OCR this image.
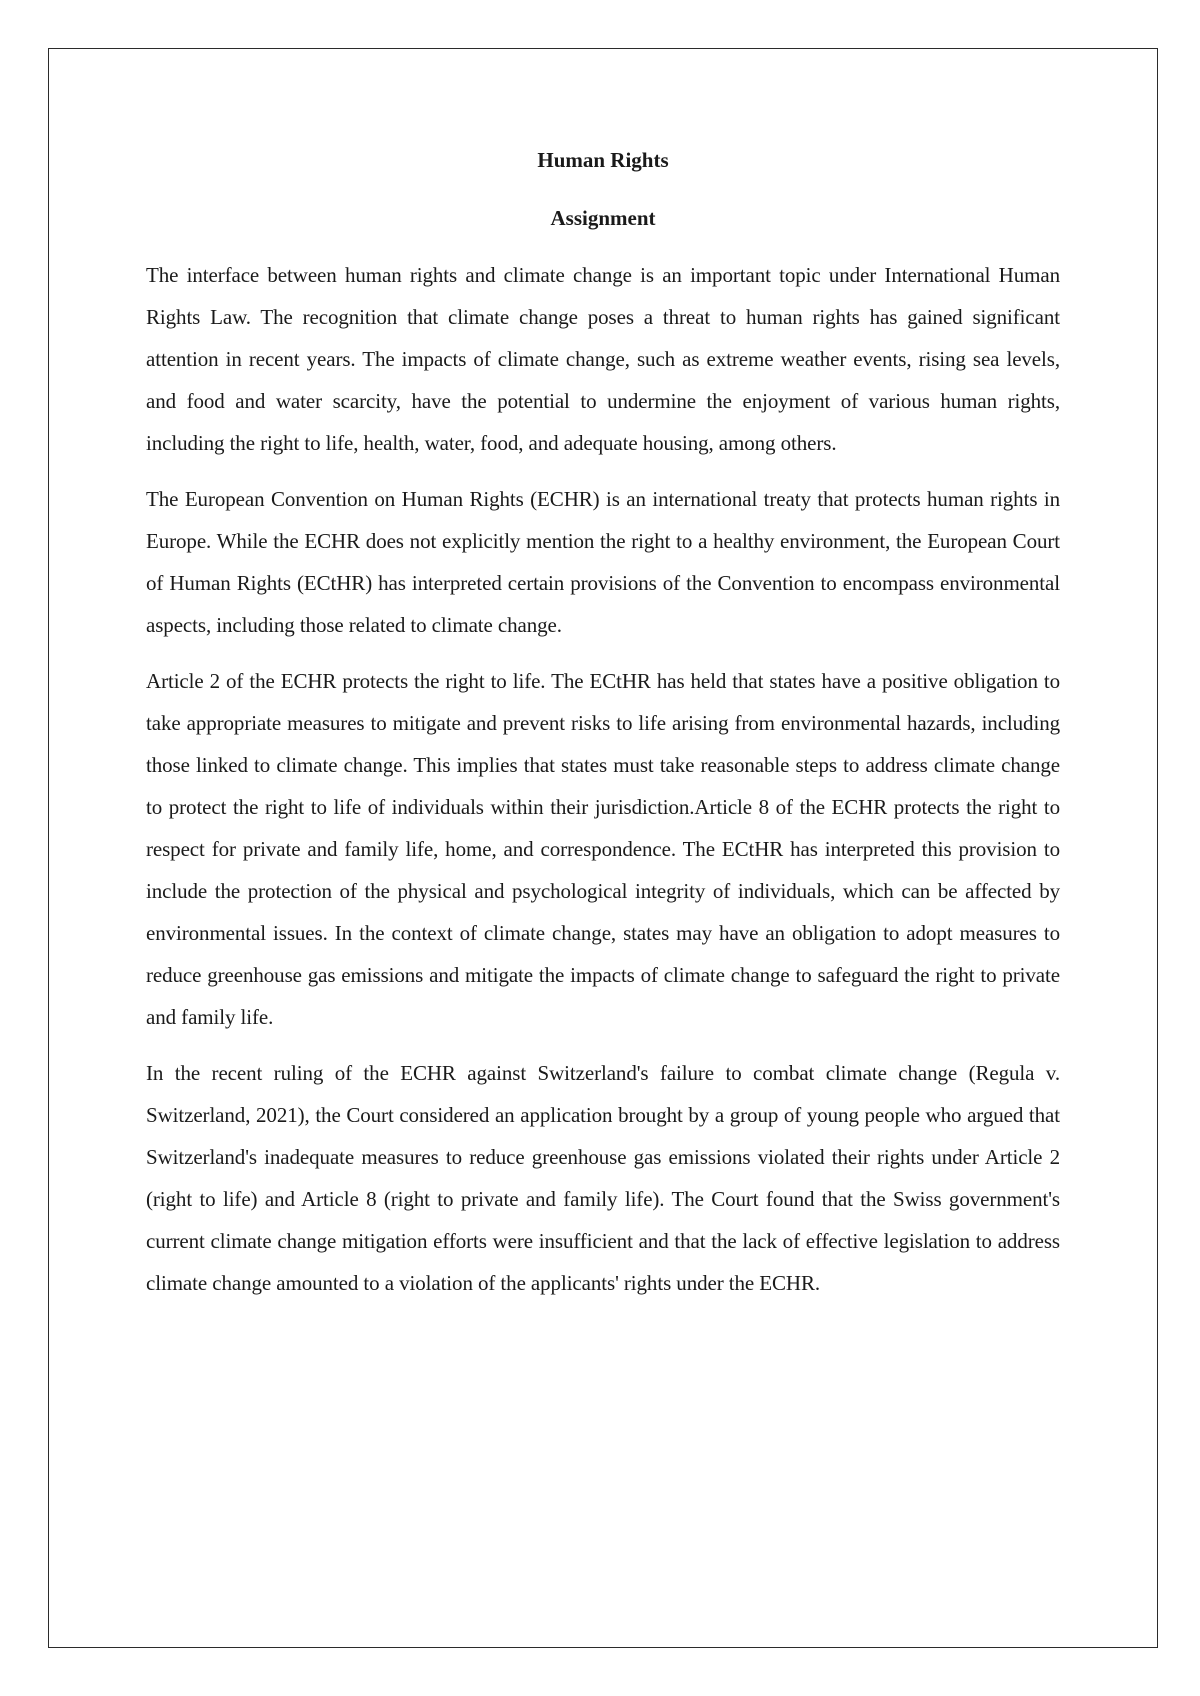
Human Rights
Assignment

The interface between human rights and climate change is an important topic under International Human Rights Law. The recognition that climate change poses a threat to human rights has gained significant attention in recent years. The impacts of climate change, such as extreme weather events, rising sea levels, and food and water scarcity, have the potential to undermine the enjoyment of various human rights, including the right to life, health, water, food, and adequate housing, among others.

The European Convention on Human Rights (ECHR) is an international treaty that protects human rights in Europe. While the ECHR does not explicitly mention the right to a healthy environment, the European Court of Human Rights (ECtHR) has interpreted certain provisions of the Convention to encompass environmental aspects, including those related to climate change.

Article 2 of the ECHR protects the right to life. The ECtHR has held that states have a positive obligation to take appropriate measures to mitigate and prevent risks to life arising from environmental hazards, including those linked to climate change. This implies that states must take reasonable steps to address climate change to protect the right to life of individuals within their jurisdiction.Article 8 of the ECHR protects the right to respect for private and family life, home, and correspondence. The ECtHR has interpreted this provision to include the protection of the physical and psychological integrity of individuals, which can be affected by environmental issues. In the context of climate change, states may have an obligation to adopt measures to reduce greenhouse gas emissions and mitigate the impacts of climate change to safeguard the right to private and family life.

In the recent ruling of the ECHR against Switzerland's failure to combat climate change (Regula v. Switzerland, 2021), the Court considered an application brought by a group of young people who argued that Switzerland's inadequate measures to reduce greenhouse gas emissions violated their rights under Article 2 (right to life) and Article 8 (right to private and family life). The Court found that the Swiss government's current climate change mitigation efforts were insufficient and that the lack of effective legislation to address climate change amounted to a violation of the applicants' rights under the ECHR.
